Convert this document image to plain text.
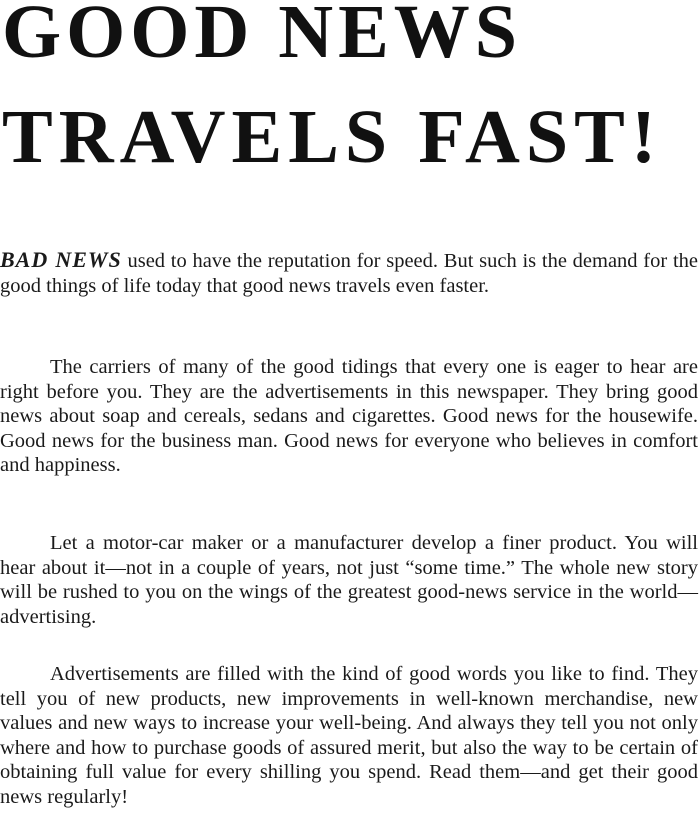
GOOD NEWS
TRAVELS FAST!

BAD NEWS used to have the reputation for speed. But such is the demand for the good things of life today that good news travels even faster.

The carriers of many of the good tidings that every one is eager to hear are right before you. They are the advertisements in this newspaper. They bring good news about soap and cereals, sedans and cigarettes. Good news for the housewife. Good news for the business man. Good news for everyone who believes in comfort and happiness.

Let a motor-car maker or a manufacturer develop a finer product. You will hear about it—not in a couple of years, not just “some time.” The whole new story will be rushed to you on the wings of the greatest good-news service in the world—advertising.

Advertisements are filled with the kind of good words you like to find. They tell you of new products, new improvements in well-known merchandise, new values and new ways to increase your well-being. And always they tell you not only where and how to purchase goods of assured merit, but also the way to be certain of obtaining full value for every shilling you spend. Read them—and get their good news regularly!
